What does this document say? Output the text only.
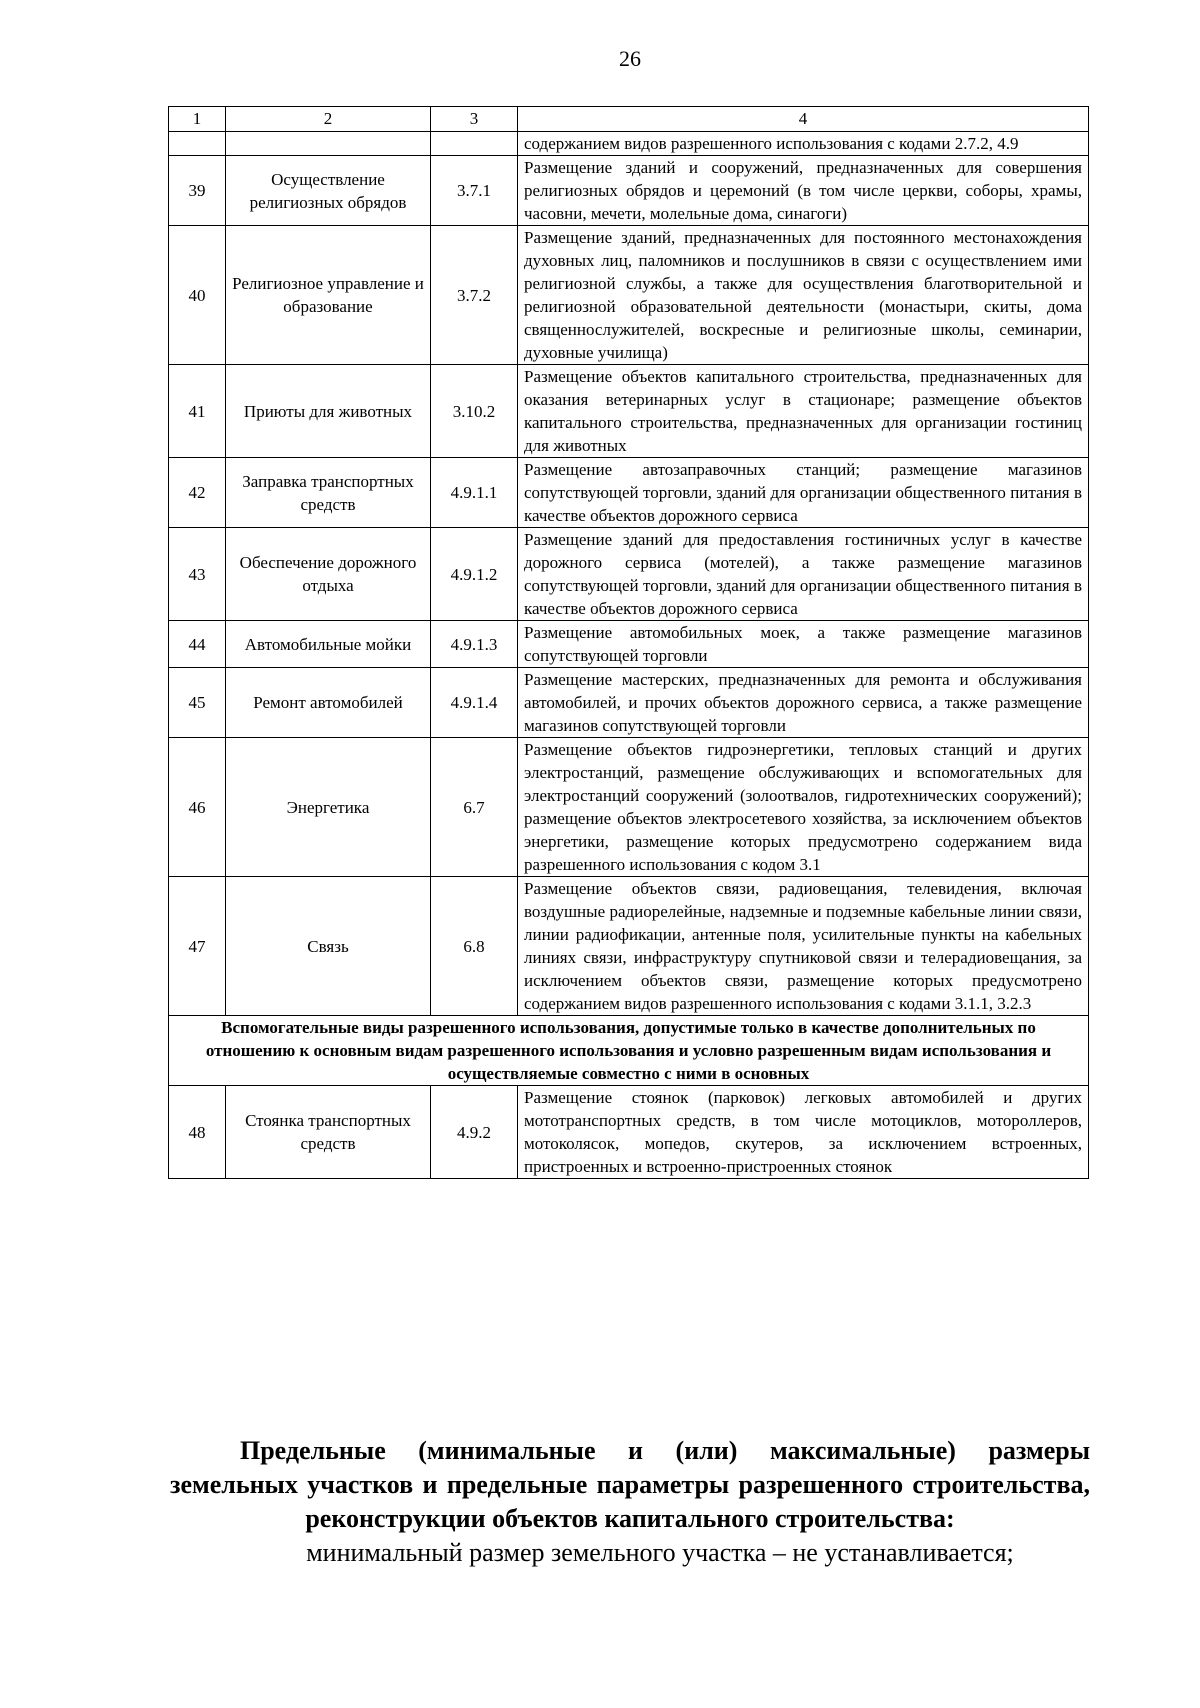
26
1	2	3	4
			содержанием видов разрешенного использования с кодами 2.7.2, 4.9
39	Осуществление религиозных обрядов	3.7.1	Размещение зданий и сооружений, предназначенных для совершения религиозных обрядов и церемоний (в том числе церкви, соборы, храмы, часовни, мечети, молельные дома, синагоги)
40	Религиозное управление и образование	3.7.2	Размещение зданий, предназначенных для постоянного местонахождения духовных лиц, паломников и послушников в связи с осуществлением ими религиозной службы, а также для осуществления благотворительной и религиозной образовательной деятельности (монастыри, скиты, дома священнослужителей, воскресные и религиозные школы, семинарии, духовные училища)
41	Приюты для животных	3.10.2	Размещение объектов капитального строительства, предназначенных для оказания ветеринарных услуг в стационаре; размещение объектов капитального строительства, предназначенных для организации гостиниц для животных
42	Заправка транспортных средств	4.9.1.1	Размещение автозаправочных станций; размещение магазинов сопутствующей торговли, зданий для организации общественного питания в качестве объектов дорожного сервиса
43	Обеспечение дорожного отдыха	4.9.1.2	Размещение зданий для предоставления гостиничных услуг в качестве дорожного сервиса (мотелей), а также размещение магазинов сопутствующей торговли, зданий для организации общественного питания в качестве объектов дорожного сервиса
44	Автомобильные мойки	4.9.1.3	Размещение автомобильных моек, а также размещение магазинов сопутствующей торговли
45	Ремонт автомобилей	4.9.1.4	Размещение мастерских, предназначенных для ремонта и обслуживания автомобилей, и прочих объектов дорожного сервиса, а также размещение магазинов сопутствующей торговли
46	Энергетика	6.7	Размещение объектов гидроэнергетики, тепловых станций и других электростанций, размещение обслуживающих и вспомогательных для электростанций сооружений (золоотвалов, гидротехнических сооружений); размещение объектов электросетевого хозяйства, за исключением объектов энергетики, размещение которых предусмотрено содержанием вида разрешенного использования с кодом 3.1
47	Связь	6.8	Размещение объектов связи, радиовещания, телевидения, включая воздушные радиорелейные, надземные и подземные кабельные линии связи, линии радиофикации, антенные поля, усилительные пункты на кабельных линиях связи, инфраструктуру спутниковой связи и телерадиовещания, за исключением объектов связи, размещение которых предусмотрено содержанием видов разрешенного использования с кодами 3.1.1, 3.2.3
Вспомогательные виды разрешенного использования, допустимые только в качестве дополнительных по отношению к основным видам разрешенного использования и условно разрешенным видам использования и осуществляемые совместно с ними в основных			
48	Стоянка транспортных средств	4.9.2	Размещение стоянок (парковок) легковых автомобилей и других мототранспортных средств, в том числе мотоциклов, мотороллеров, мотоколясок, мопедов, скутеров, за исключением встроенных, пристроенных и встроенно-пристроенных стоянок
Предельные (минимальные и (или) максимальные) размеры земельных участков и предельные параметры разрешенного строительства, реконструкции объектов капитального строительства:
минимальный размер земельного участка – не устанавливается;
